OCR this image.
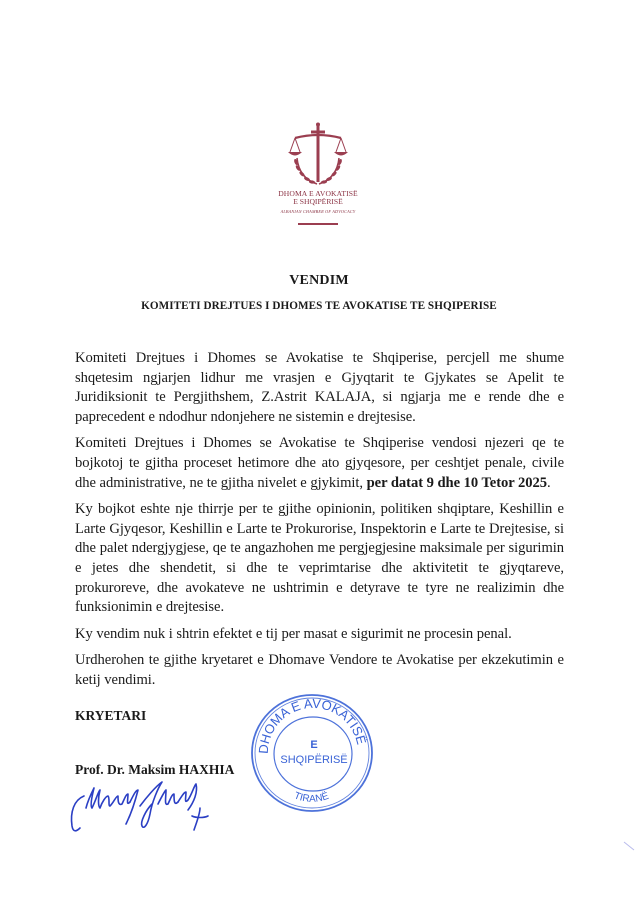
DHOMA E AVOKATISË
E SHQIPËRISË
ALBANIAN CHAMBER OF ADVOCACY
VENDIM
KOMITETI DREJTUES I DHOMES TE AVOKATISE TE SHQIPERISE

Komiteti Drejtues i Dhomes se Avokatise te Shqiperise, percjell me shume shqetesim ngjarjen lidhur me vrasjen e Gjyqtarit te Gjykates se Apelit te Juridiksionit te Pergjithshem, Z.Astrit KALAJA, si ngjarja me e rende dhe e paprecedent e ndodhur ndonjehere ne sistemin e drejtesise.

Komiteti Drejtues i Dhomes se Avokatise te Shqiperise vendosi njezeri qe te bojkotoj te gjitha proceset hetimore dhe ato gjyqesore, per ceshtjet penale, civile dhe administrative, ne te gjitha nivelet e gjykimit, per datat 9 dhe 10 Tetor 2025.

Ky bojkot eshte nje thirrje per te gjithe opinionin, politiken shqiptare, Keshillin e Larte Gjyqesor, Keshillin e Larte te Prokurorise, Inspektorin e Larte te Drejtesise, si dhe palet ndergjygjese, qe te angazhohen me pergjegjesine maksimale per sigurimin e jetes dhe shendetit, si dhe te veprimtarise dhe aktivitetit te gjyqtareve, prokuroreve, dhe avokateve ne ushtrimin e detyrave te tyre ne realizimin dhe funksionimin e drejtesise.

Ky vendim nuk i shtrin efektet e tij per masat e sigurimit ne procesin penal.

Urdherohen te gjithe kryetaret e Dhomave Vendore te Avokatise per ekzekutimin e ketij vendimi.

KRYETARI
Prof. Dr. Maksim HAXHIA
DHOMA E AVOKATISË
E
SHQIPËRISË
TIRANË
